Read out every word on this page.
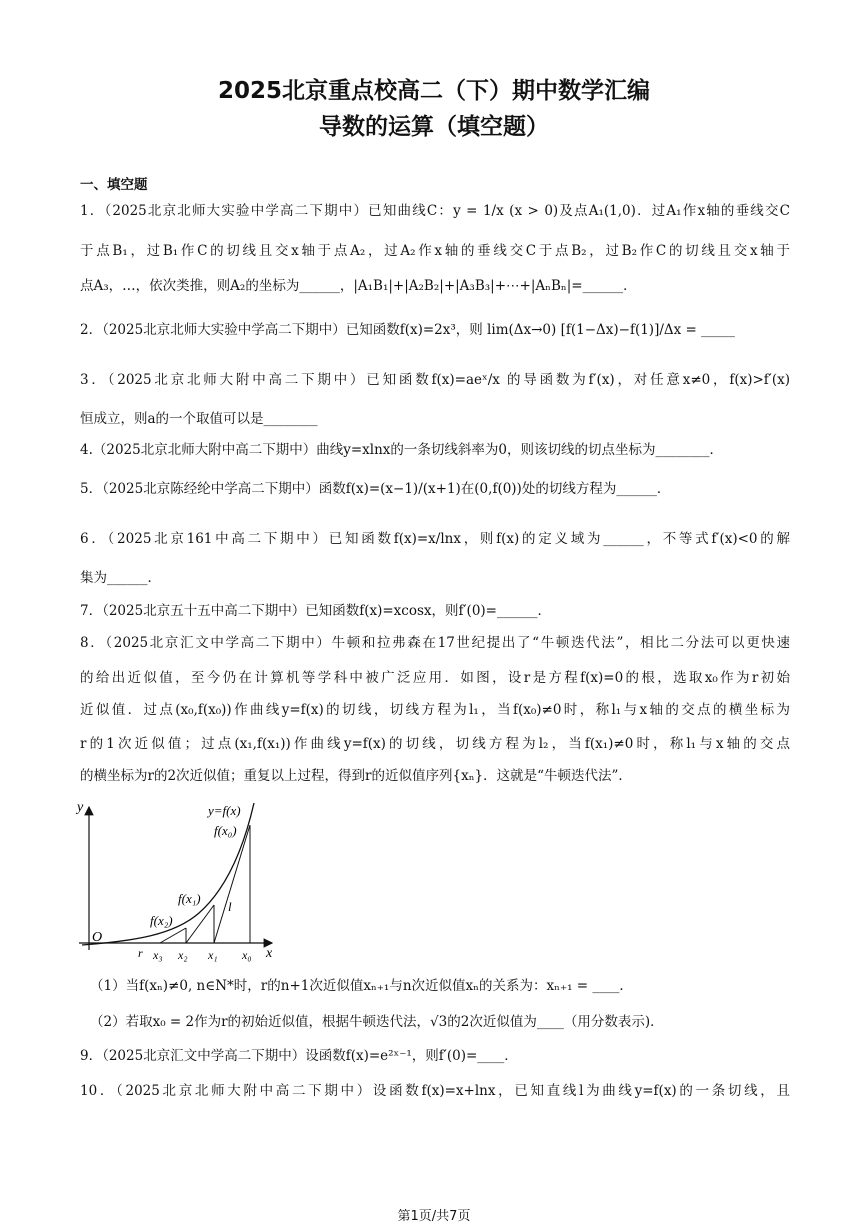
2025北京重点校高二（下）期中数学汇编
导数的运算（填空题）
一、填空题
1．（2025北京北师大实验中学高二下期中）已知曲线C：y = 1/x (x > 0)及点A₁(1,0)．过A₁作x轴的垂线交C
于点B₁，过B₁作C的切线且交x轴于点A₂，过A₂作x轴的垂线交C于点B₂，过B₂作C的切线且交x轴于
点A₃，…，依次类推，则A₂的坐标为______，|A₁B₁|+|A₂B₂|+|A₃B₃|+⋯+|AₙBₙ|=______．
2．（2025北京北师大实验中学高二下期中）已知函数f(x)=2x³，则 lim(Δx→0) [f(1−Δx)−f(1)]/Δx = _____
3．（2025北京北师大附中高二下期中）已知函数f(x)=aeˣ/x 的导函数为f′(x)，对任意x≠0，f(x)>f′(x)
恒成立，则a的一个取值可以是________
4.（2025北京北师大附中高二下期中）曲线y=xlnx的一条切线斜率为0，则该切线的切点坐标为________．
5．（2025北京陈经纶中学高二下期中）函数f(x)=(x−1)/(x+1)在(0,f(0))处的切线方程为______．
6．（2025北京161中高二下期中）已知函数f(x)=x/lnx，则f(x)的定义域为______，不等式f′(x)<0的解
集为______．
7．（2025北京五十五中高二下期中）已知函数f(x)=xcosx，则f′(0)=______．
8．（2025北京汇文中学高二下期中）牛顿和拉弗森在17世纪提出了“牛顿迭代法”，相比二分法可以更快速
的给出近似值，至今仍在计算机等学科中被广泛应用．如图，设r是方程f(x)=0的根，选取x₀作为r初始
近似值．过点(x₀,f(x₀))作曲线y=f(x)的切线，切线方程为l₁，当f(x₀)≠0时，称l₁与x轴的交点的横坐标为
r的1次近似值；过点(x₁,f(x₁))作曲线y=f(x)的切线，切线方程为l₂，当f(x₁)≠0时，称l₁与x轴的交点
的横坐标为r的2次近似值；重复以上过程，得到r的近似值序列{xₙ}．这就是“牛顿迭代法”．
y
x
O
y=f(x)
f(x₀)
f(x₁)
f(x₂)
l
r x₃ x₂ x₁ x₀
（1）当f(xₙ)≠0, n∈N*时，r的n+1次近似值xₙ₊₁与n次近似值xₙ的关系为：xₙ₊₁ = ____．
（2）若取x₀ = 2作为r的初始近似值，根据牛顿迭代法，√3的2次近似值为____（用分数表示)．
9．（2025北京汇文中学高二下期中）设函数f(x)=e²ˣ⁻¹，则f′(0)=____．
10．（2025北京北师大附中高二下期中）设函数f(x)=x+lnx，已知直线l为曲线y=f(x)的一条切线，且
第1页/共7页
